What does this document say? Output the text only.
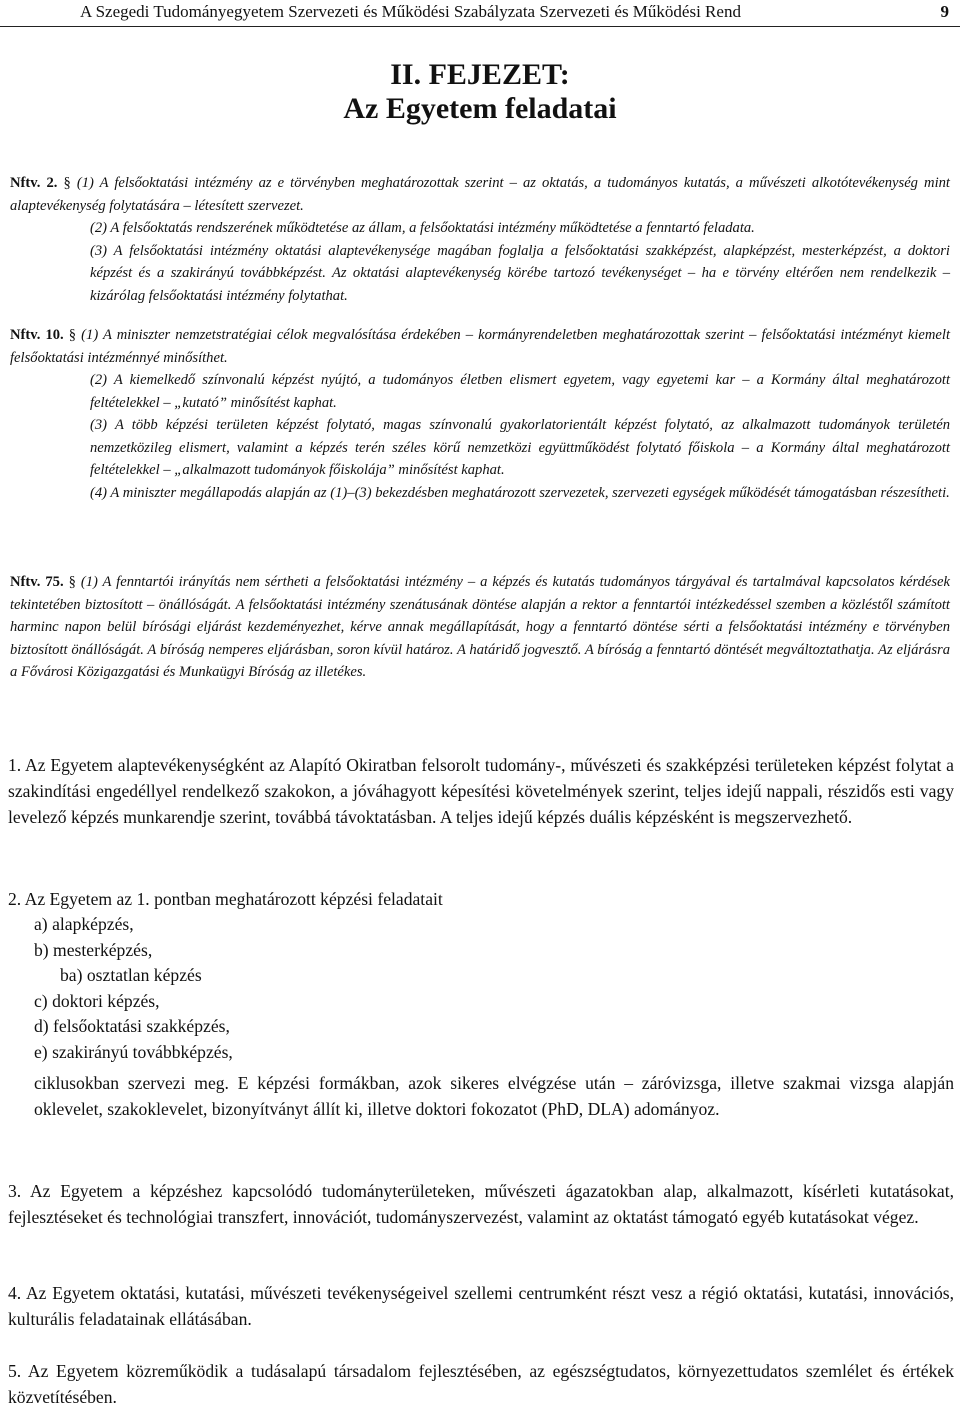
A Szegedi Tudományegyetem Szervezeti és Működési Szabályzata Szervezeti és Működési Rend	9
II. FEJEZET:
Az Egyetem feladatai

Nftv. 2. § (1) A felsőoktatási intézmény az e törvényben meghatározottak szerint – az oktatás, a tudományos kutatás, a művészeti alkotótevékenység mint alaptevékenység folytatására – létesített szervezet.

(2) A felsőoktatás rendszerének működtetése az állam, a felsőoktatási intézmény működtetése a fenntartó feladata.

(3) A felsőoktatási intézmény oktatási alaptevékenysége magában foglalja a felsőoktatási szakképzést, alapképzést, mesterképzést, a doktori képzést és a szakirányú továbbképzést. Az oktatási alaptevékenység körébe tartozó tevékenységet – ha e törvény eltérően nem rendelkezik – kizárólag felsőoktatási intézmény folytathat.

Nftv. 10. § (1) A miniszter nemzetstratégiai célok megvalósítása érdekében – kormányrendeletben meghatározottak szerint – felsőoktatási intézményt kiemelt felsőoktatási intézménnyé minősíthet.

(2) A kiemelkedő színvonalú képzést nyújtó, a tudományos életben elismert egyetem, vagy egyetemi kar – a Kormány által meghatározott feltételekkel – „kutató” minősítést kaphat.

(3) A több képzési területen képzést folytató, magas színvonalú gyakorlatorientált képzést folytató, az alkalmazott tudományok területén nemzetközileg elismert, valamint a képzés terén széles körű nemzetközi együttműködést folytató főiskola – a Kormány által meghatározott feltételekkel – „alkalmazott tudományok főiskolája” minősítést kaphat.

(4) A miniszter megállapodás alapján az (1)–(3) bekezdésben meghatározott szervezetek, szervezeti egységek működését támogatásban részesítheti.

Nftv. 75. § (1) A fenntartói irányítás nem sértheti a felsőoktatási intézmény – a képzés és kutatás tudományos tárgyával és tartalmával kapcsolatos kérdések tekintetében biztosított – önállóságát. A felsőoktatási intézmény szenátusának döntése alapján a rektor a fenntartói intézkedéssel szemben a közléstől számított harminc napon belül bírósági eljárást kezdeményezhet, kérve annak megállapítását, hogy a fenntartó döntése sérti a felsőoktatási intézmény e törvényben biztosított önállóságát. A bíróság nemperes eljárásban, soron kívül határoz. A határidő jogvesztő. A bíróság a fenntartó döntését megváltoztathatja. Az eljárásra a Fővárosi Közigazgatási és Munkaügyi Bíróság az illetékes.

1. Az Egyetem alaptevékenységként az Alapító Okiratban felsorolt tudomány-, művészeti és szakképzési területeken képzést folytat a szakindítási engedéllyel rendelkező szakokon, a jóváhagyott képesítési követelmények szerint, teljes idejű nappali, részidős esti vagy levelező képzés munkarendje szerint, továbbá távoktatásban. A teljes idejű képzés duális képzésként is megszervezhető.
2. Az Egyetem az 1. pontban meghatározott képzési feladatait
a) alapképzés,
b) mesterképzés,
ba) osztatlan képzés
c) doktori képzés,
d) felsőoktatási szakképzés,
e) szakirányú továbbképzés,
ciklusokban szervezi meg. E képzési formákban, azok sikeres elvégzése után – záróvizsga, illetve szakmai vizsga alapján oklevelet, szakoklevelet, bizonyítványt állít ki, illetve doktori fokozatot (PhD, DLA) adományoz.
3. Az Egyetem a képzéshez kapcsolódó tudományterületeken, művészeti ágazatokban alap, alkalmazott, kísérleti kutatásokat, fejlesztéseket és technológiai transzfert, innovációt, tudományszervezést, valamint az oktatást támogató egyéb kutatásokat végez.
4. Az Egyetem oktatási, kutatási, művészeti tevékenységeivel szellemi centrumként részt vesz a régió oktatási, kutatási, innovációs, kulturális feladatainak ellátásában.
5. Az Egyetem közreműködik a tudásalapú társadalom fejlesztésében, az egészségtudatos, környezettudatos szemlélet és értékek közvetítésében.
